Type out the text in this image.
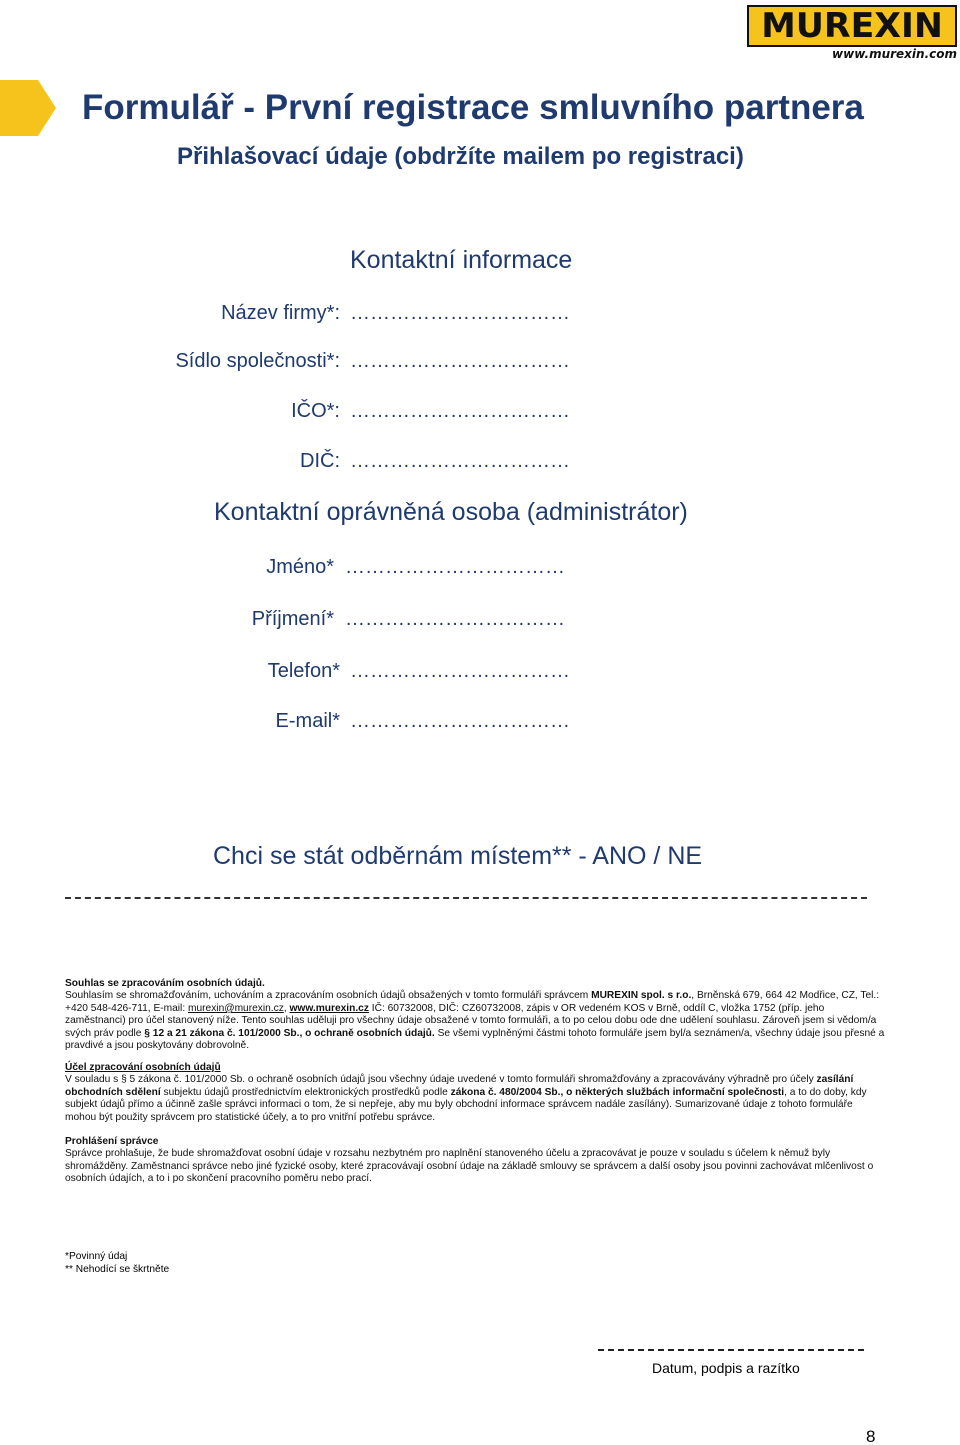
MUREXIN
www.murexin.com
Formulář - První registrace smluvního partnera
Přihlašovací údaje (obdržíte mailem po registraci)
Kontaktní informace
Název firmy*: ……………………………
Sídlo společnosti*: ……………………………
IČO*: ……………………………
DIČ: ……………………………
Kontaktní oprávněná osoba (administrátor)
Jméno* ……………………………
Příjmení* ……………………………
Telefon* ……………………………
E-mail* ……………………………
Chci se stát odběrnám místem** - ANO / NE
Souhlas se zpracováním osobních údajů.
Souhlasím se shromažďováním, uchováním a zpracováním osobních údajů obsažených v tomto formuláři správcem MUREXIN spol. s r.o., Brněnská 679, 664 42 Modřice, CZ, Tel.: +420 548-426-711, E-mail: murexin@murexin.cz, www.murexin.cz IČ: 60732008, DIČ: CZ60732008, zápis v OR vedeném KOS v Brně, oddíl C, vložka 1752 (příp. jeho zaměstnanci) pro účel stanovený níže. Tento souhlas uděluji pro všechny údaje obsažené v tomto formuláři, a to po celou dobu ode dne udělení souhlasu. Zároveň jsem si vědom/a svých práv podle § 12 a 21 zákona č. 101/2000 Sb., o ochraně osobních údajů. Se všemi vyplněnými částmi tohoto formuláře jsem byl/a seznámen/a, všechny údaje jsou přesné a pravdivé a jsou poskytovány dobrovolně.
Účel zpracování osobních údajů
V souladu s § 5 zákona č. 101/2000 Sb. o ochraně osobních údajů jsou všechny údaje uvedené v tomto formuláři shromažďovány a zpracovávány výhradně pro účely zasílání obchodních sdělení subjektu údajů prostřednictvím elektronických prostředků podle zákona č. 480/2004 Sb., o některých službách informační společnosti, a to do doby, kdy subjekt údajů přímo a účinně zašle správci informaci o tom, že si nepřeje, aby mu byly obchodní informace správcem nadále zasílány). Sumarizované údaje z tohoto formuláře mohou být použity správcem pro statistické účely, a to pro vnitřní potřebu správce.
Prohlášení správce
Správce prohlašuje, že bude shromažďovat osobní údaje v rozsahu nezbytném pro naplnění stanoveného účelu a zpracovávat je pouze v souladu s účelem k němuž byly shromážděny. Zaměstnanci správce nebo jiné fyzické osoby, které zpracovávají osobní údaje na základě smlouvy se správcem a další osoby jsou povinni zachovávat mlčenlivost o osobních údajích, a to i po skončení pracovního poměru nebo prací.
*Povinný údaj
** Nehodící se škrtněte
Datum, podpis a razítko
8
